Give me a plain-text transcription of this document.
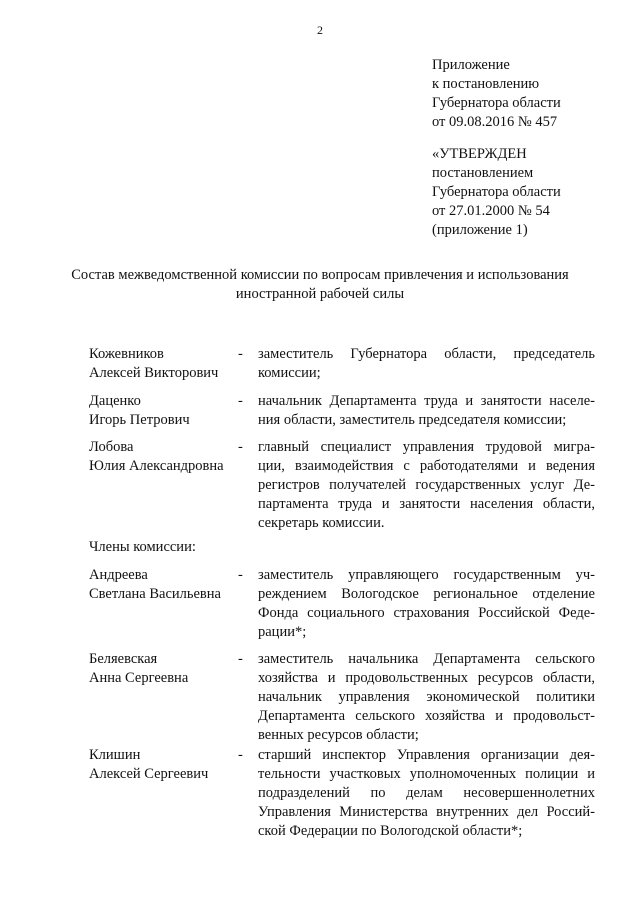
2
Приложение
к постановлению
Губернатора области
от 09.08.2016 № 457
«УТВЕРЖДЕН
постановлением
Губернатора области
от 27.01.2000 № 54
(приложение 1)
Состав межведомственной комиссии по вопросам привлечения и использования
иностранной рабочей силы
Кожевников
Алексей Викторович
- заместитель Губернатора области, председатель
комиссии;
Даценко
Игорь Петрович
- начальник Департамента труда и занятости населе-
ния области, заместитель председателя комиссии;
Лобова
Юлия Александровна
- главный специалист управления трудовой мигра-
ции, взаимодействия с работодателями и ведения
регистров получателей государственных услуг Де-
партамента труда и занятости населения области,
секретарь комиссии.
Члены комиссии:
Андреева
Светлана Васильевна
- заместитель управляющего государственным уч-
реждением Вологодское региональное отделение
Фонда социального страхования Российской Феде-
рации*;
Беляевская
Анна Сергеевна
- заместитель начальника Департамента сельского
хозяйства и продовольственных ресурсов области,
начальник управления экономической политики
Департамента сельского хозяйства и продовольст-
венных ресурсов области;
Клишин
Алексей Сергеевич
- старший инспектор Управления организации дея-
тельности участковых уполномоченных полиции и
подразделений по делам несовершеннолетних
Управления Министерства внутренних дел Россий-
ской Федерации по Вологодской области*;
